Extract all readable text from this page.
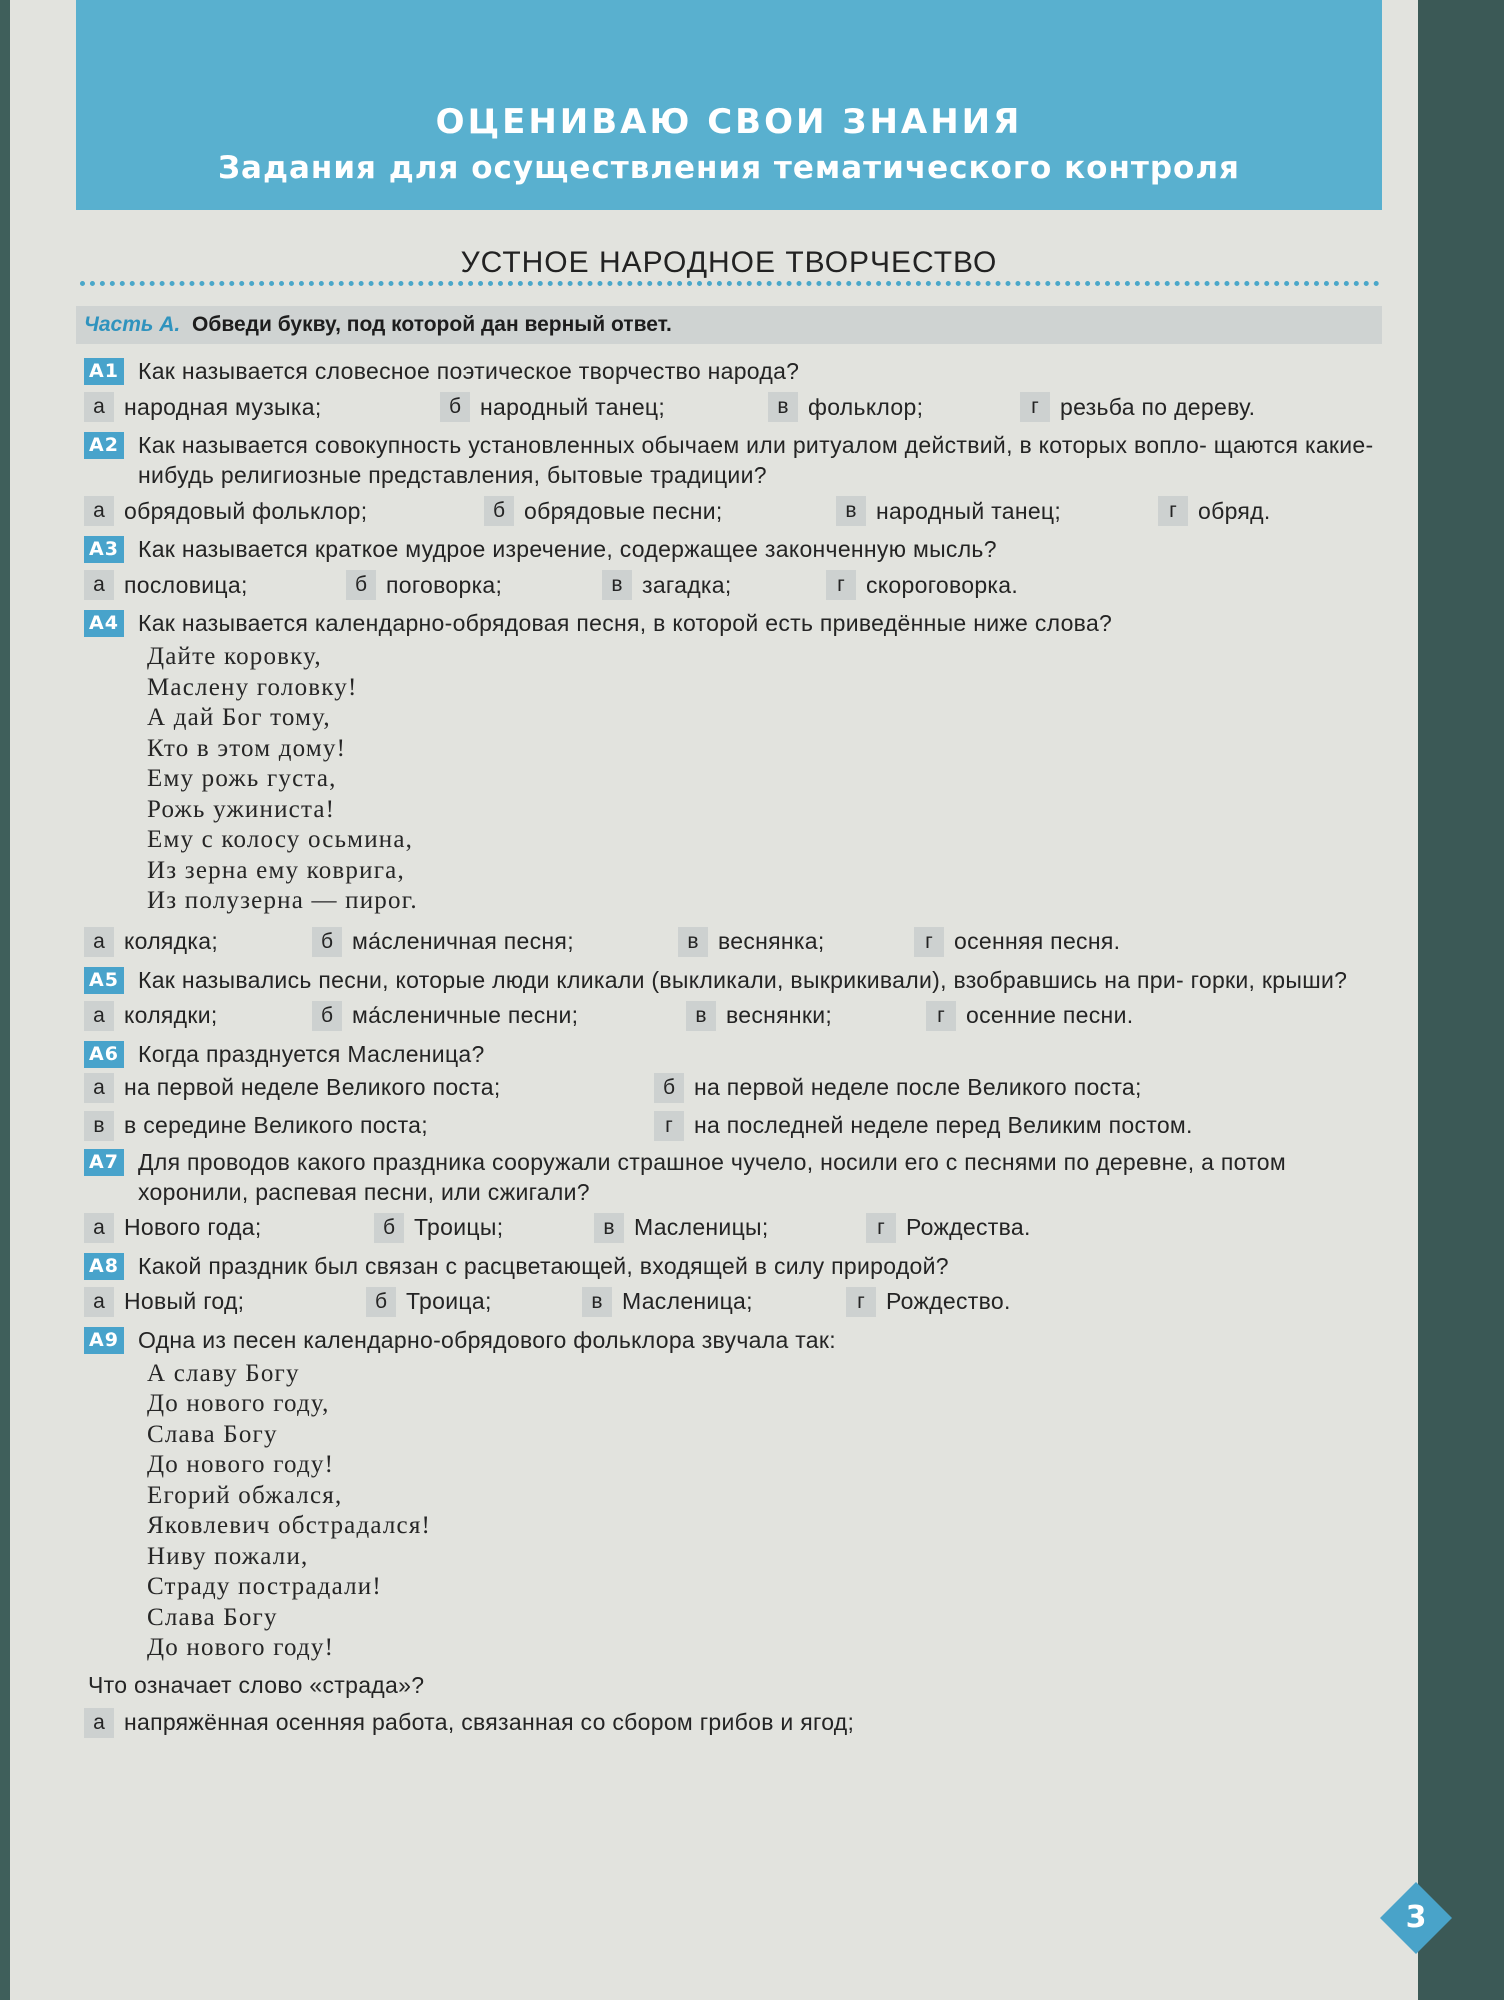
ОЦЕНИВАЮ СВОИ ЗНАНИЯ
Задания для осуществления тематического контроля
УСТНОЕ НАРОДНОЕ ТВОРЧЕСТВО
Часть А. Обведи букву, под которой дан верный ответ.
А1 Как называется словесное поэтическое творчество народа?
а народная музыка;	б народный танец;	в фольклор;	г резьба по дереву.
А2 Как называется совокупность установленных обычаем или ритуалом действий, в которых вопло- щаются какие-нибудь религиозные представления, бытовые традиции?
а обрядовый фольклор;	б обрядовые песни;	в народный танец;	г обряд.
А3 Как называется краткое мудрое изречение, содержащее законченную мысль?
а пословица;	б поговорка;	в загадка;	г скороговорка.
А4 Как называется календарно-обрядовая песня, в которой есть приведённые ниже слова?
Дайте коровку,
Маслену головку!
А дай Бог тому,
Кто в этом дому!
Ему рожь густа,
Рожь ужиниста!
Ему с колосу осьмина,
Из зерна ему коврига,
Из полузерна — пирог.
а колядка;	б ма́сленичная песня;	в веснянка;	г осенняя песня.
А5 Как назывались песни, которые люди кликали (выкликали, выкрикивали), взобравшись на при- горки, крыши?
а колядки;	б ма́сленичные песни;	в веснянки;	г осенние песни.
А6 Когда празднуется Масленица?
а на первой неделе Великого поста;	б на первой неделе после Великого поста;
в в середине Великого поста;	г на последней неделе перед Великим постом.
А7 Для проводов какого праздника сооружали страшное чучело, носили его с песнями по деревне, а потом хоронили, распевая песни, или сжигали?
а Нового года;	б Троицы;	в Масленицы;	г Рождества.
А8 Какой праздник был связан с расцветающей, входящей в силу природой?
а Новый год;	б Троица;	в Масленица;	г Рождество.
А9 Одна из песен календарно-обрядового фольклора звучала так:
А славу Богу
До нового году,
Слава Богу
До нового году!
Егорий обжался,
Яковлевич обстрадался!
Ниву пожали,
Страду пострадали!
Слава Богу
До нового году!
Что означает слово «страда»?
а напряжённая осенняя работа, связанная со сбором грибов и ягод;
3
